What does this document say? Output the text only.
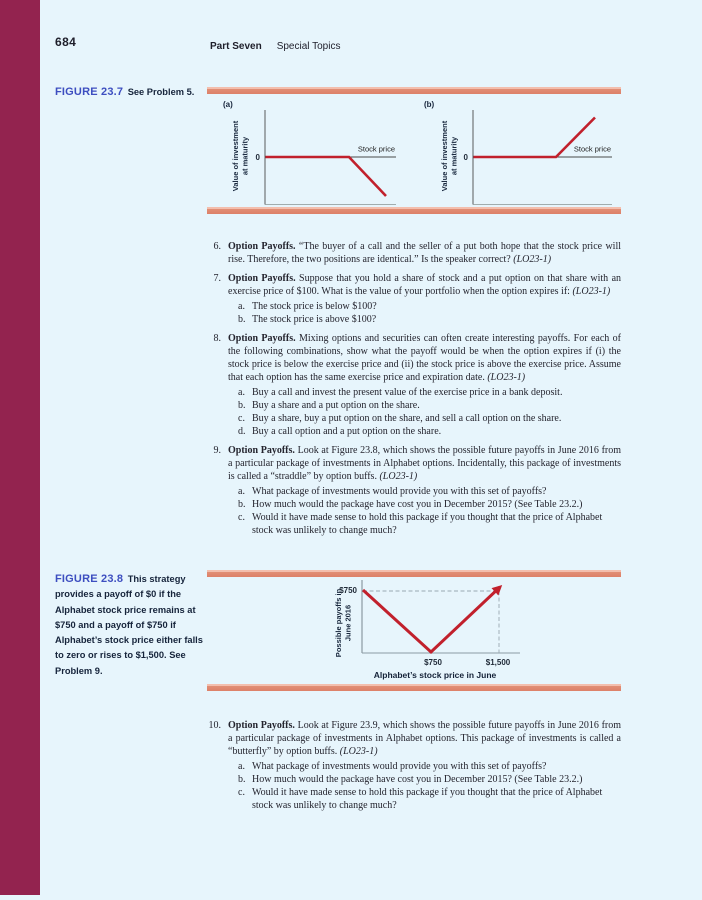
684	Part Seven Special Topics
FIGURE 23.7 See Problem 5.
(a)
Value of investment at maturity 0
Stock price
(b)
Value of investment at maturity 0
Stock price
6. Option Payoffs. “The buyer of a call and the seller of a put both hope that the stock price will rise. Therefore, the two positions are identical.” Is the speaker correct? (LO23-1)

7. Option Payoffs. Suppose that you hold a share of stock and a put option on that share with an exercise price of $100. What is the value of your portfolio when the option expires if: (LO23-1)

a. The stock price is below $100?
b. The stock price is above $100?
8. Option Payoffs. Mixing options and securities can often create interesting payoffs. For each of the following combinations, show what the payoff would be when the option expires if (i) the stock price is below the exercise price and (ii) the stock price is above the exercise price. Assume that each option has the same exercise price and expiration date. (LO23-1)

a. Buy a call and invest the present value of the exercise price in a bank deposit.
b. Buy a share and a put option on the share.
c. Buy a share, buy a put option on the share, and sell a call option on the share.
d. Buy a call option and a put option on the share.
9. Option Payoffs. Look at Figure 23.8, which shows the possible future payoffs in June 2016 from a particular package of investments in Alphabet options. Incidentally, this package of investments is called a “straddle” by option buffs. (LO23-1)

a. What package of investments would provide you with this set of payoffs?
b. How much would the package have cost you in December 2015? (See Table 23.2.)
c. Would it have made sense to hold this package if you thought that the price of Alphabet stock was unlikely to change much?
FIGURE 23.8 This strategy provides a payoff of $0 if the Alphabet stock price remains at $750 and a payoff of $750 if Alphabet’s stock price either falls to zero or rises to $1,500. See Problem 9.
Possible payoffs in June 2016
$750
$750	$1,500
Alphabet’s stock price in June
10. Option Payoffs. Look at Figure 23.9, which shows the possible future payoffs in June 2016 from a particular package of investments in Alphabet options. This package of investments is called a “butterfly” by option buffs. (LO23-1)

a. What package of investments would provide you with this set of payoffs?
b. How much would the package have cost you in December 2015? (See Table 23.2.)
c. Would it have made sense to hold this package if you thought that the price of Alphabet stock was unlikely to change much?
